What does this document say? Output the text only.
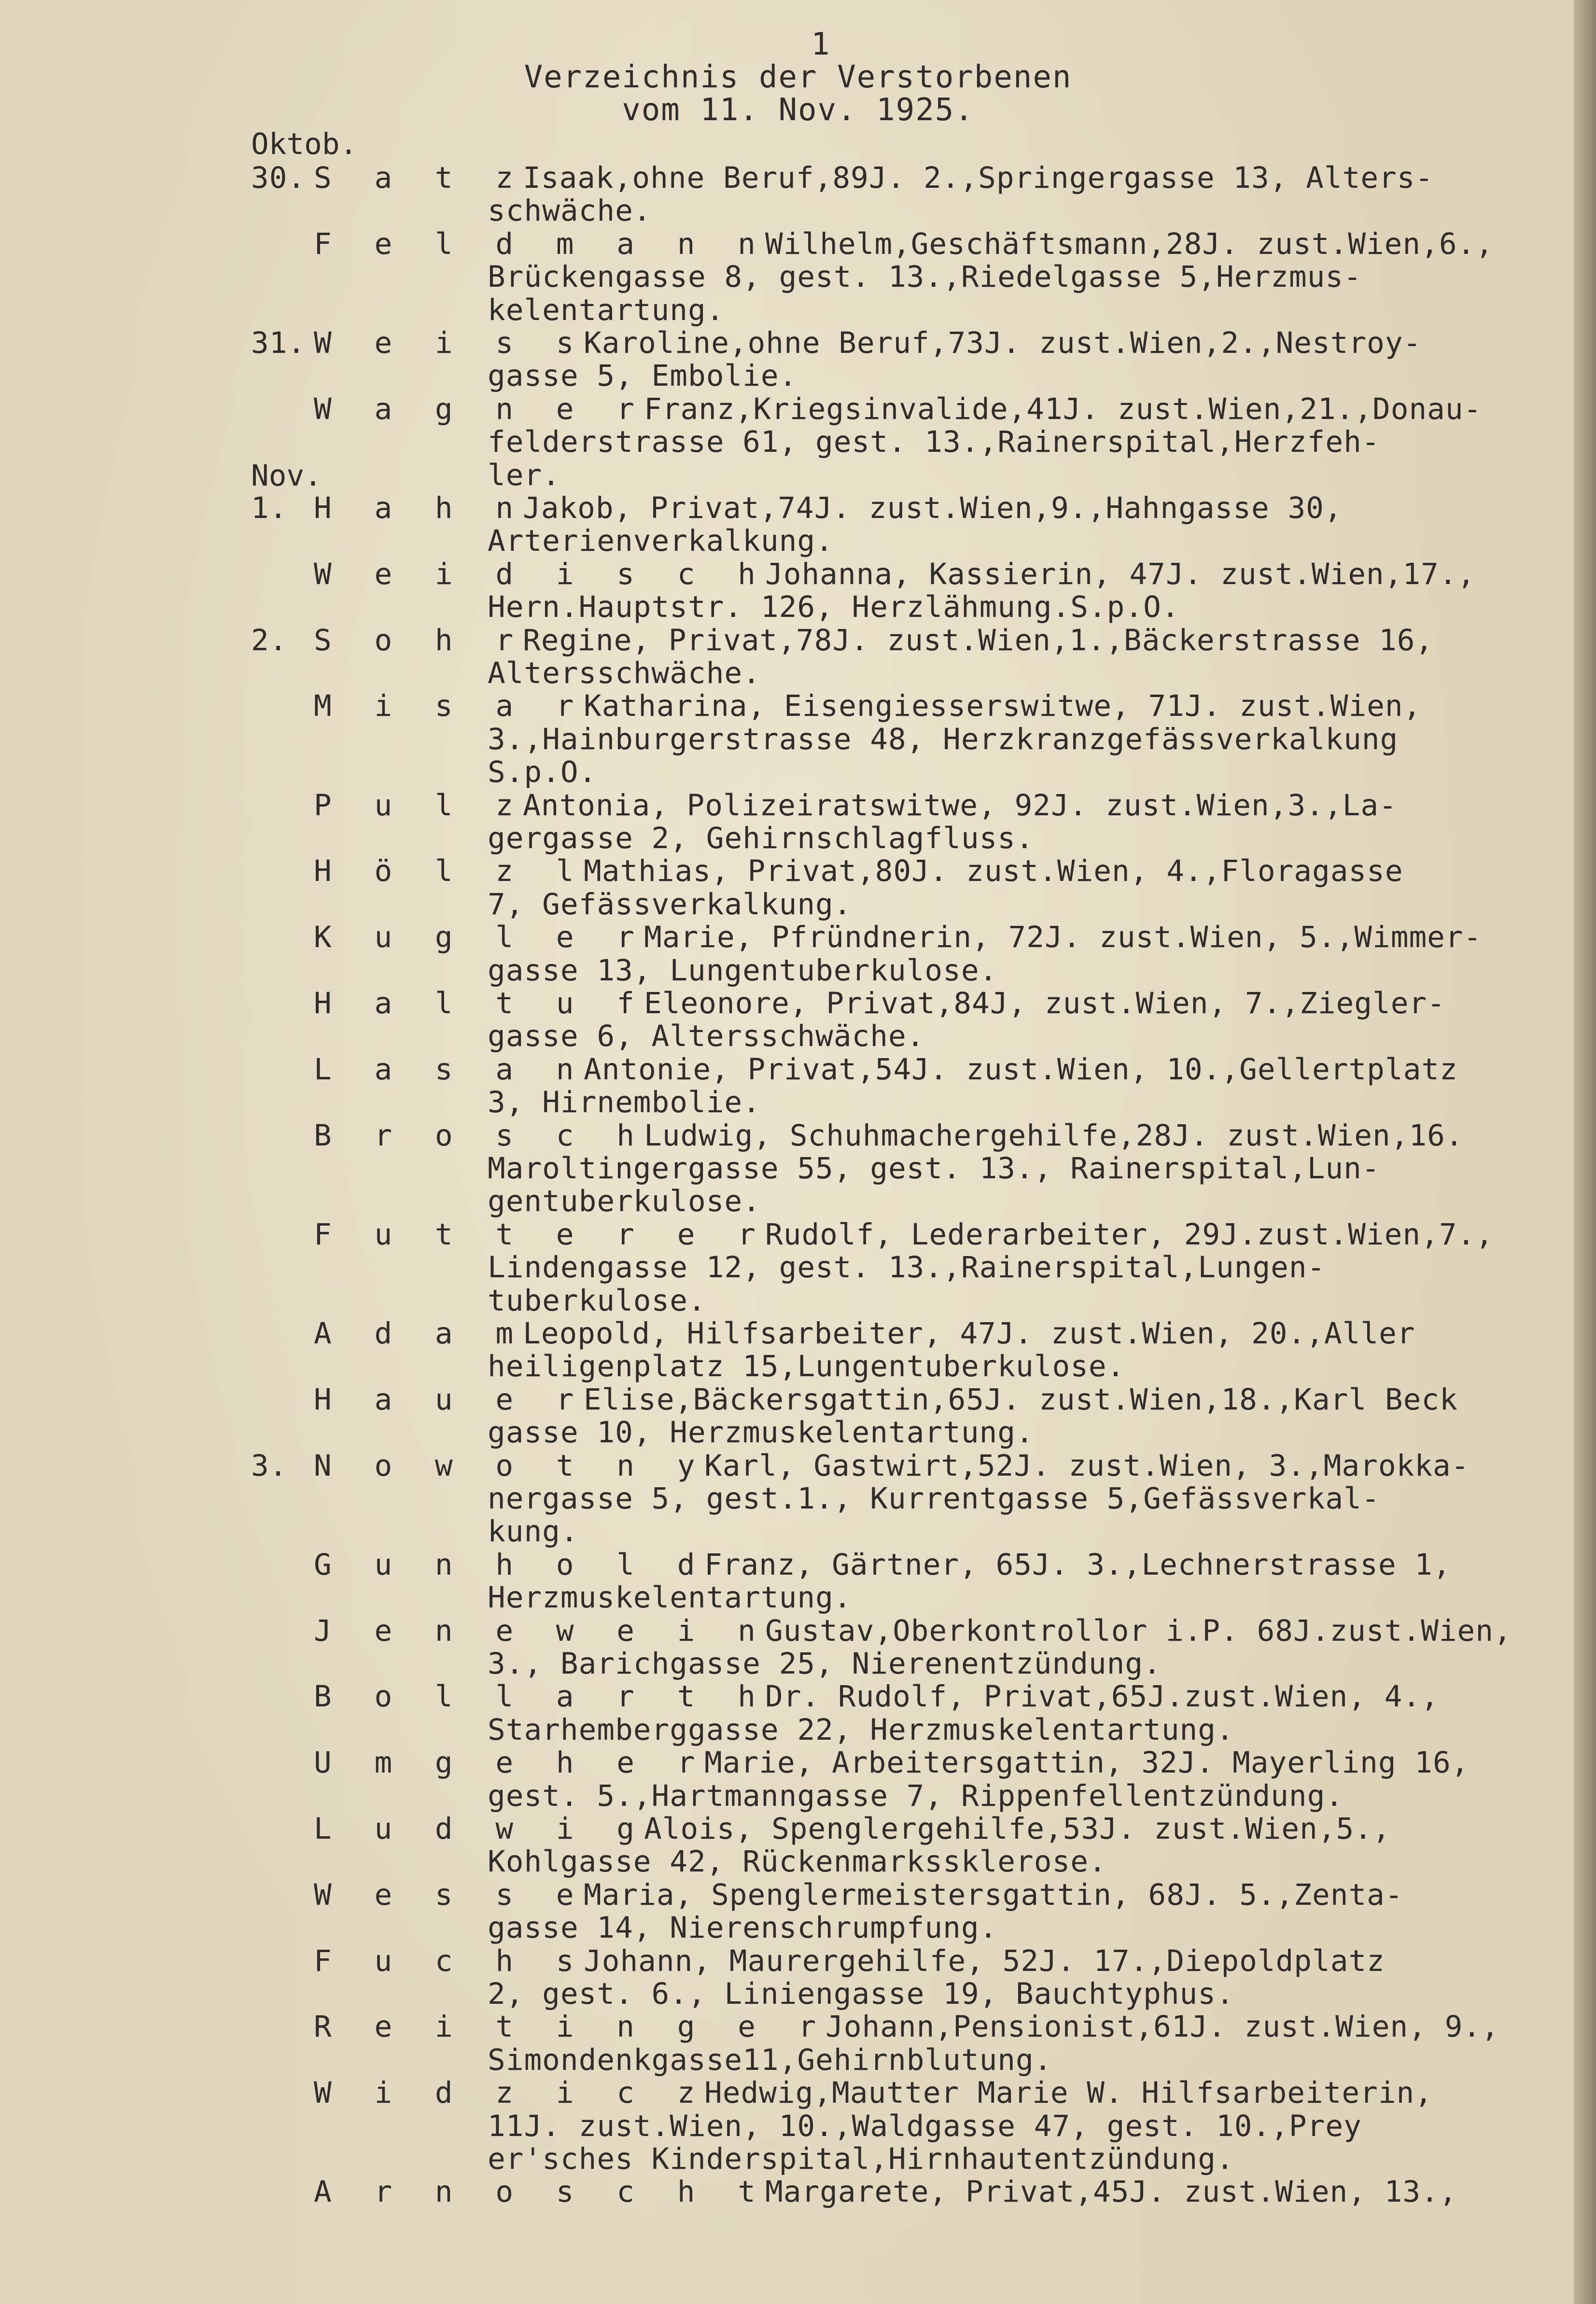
1
Verzeichnis der Verstorbenen
vom 11. Nov. 1925.
Oktob.
Nov.
30. S a t z
Isaak,ohne Beruf,89J. 2.,Springergasse 13, Alters-
schwäche.
F e l d m a n n
Wilhelm,Geschäftsmann,28J. zust.Wien,6.,
Brückengasse 8, gest. 13.,Riedelgasse 5,Herzmus-
kelentartung.
31. W e i s s
Karoline,ohne Beruf,73J. zust.Wien,2.,Nestroy-
gasse 5, Embolie.
W a g n e r
Franz,Kriegsinvalide,41J. zust.Wien,21.,Donau-
felderstrasse 61, gest. 13.,Rainerspital,Herzfeh-
ler.
1. H a h n
Jakob, Privat,74J. zust.Wien,9.,Hahngasse 30,
Arterienverkalkung.
W e i d i s c h
Johanna, Kassierin, 47J. zust.Wien,17.,
Hern.Hauptstr. 126, Herzlähmung.S.p.O.
2. S o h r
Regine, Privat,78J. zust.Wien,1.,Bäckerstrasse 16,
Altersschwäche.
M i s a r
Katharina, Eisengiesserswitwe, 71J. zust.Wien,
3.,Hainburgerstrasse 48, Herzkranzgefässverkalkung
S.p.O.
P u l z
Antonia, Polizeiratswitwe, 92J. zust.Wien,3.,La-
gergasse 2, Gehirnschlagfluss.
H ö l z l
Mathias, Privat,80J. zust.Wien, 4.,Floragasse
7, Gefässverkalkung.
K u g l e r
Marie, Pfründnerin, 72J. zust.Wien, 5.,Wimmer-
gasse 13, Lungentuberkulose.
H a l t u f
Eleonore, Privat,84J, zust.Wien, 7.,Ziegler-
gasse 6, Altersschwäche.
L a s a n
Antonie, Privat,54J. zust.Wien, 10.,Gellertplatz
3, Hirnembolie.
B r o s c h
Ludwig, Schuhmachergehilfe,28J. zust.Wien,16.
Maroltingergasse 55, gest. 13., Rainerspital,Lun-
gentuberkulose.
F u t t e r e r
Rudolf, Lederarbeiter, 29J.zust.Wien,7.,
Lindengasse 12, gest. 13.,Rainerspital,Lungen-
tuberkulose.
A d a m
Leopold, Hilfsarbeiter, 47J. zust.Wien, 20.,Aller
heiligenplatz 15,Lungentuberkulose.
H a u e r
Elise,Bäckersgattin,65J. zust.Wien,18.,Karl Beck
gasse 10, Herzmuskelentartung.
3. N o w o t n y
Karl, Gastwirt,52J. zust.Wien, 3.,Marokka-
nergasse 5, gest.1., Kurrentgasse 5,Gefässverkal-
kung.
G u n h o l d
Franz, Gärtner, 65J. 3.,Lechnerstrasse 1,
Herzmuskelentartung.
J e n e w e i n
Gustav,Oberkontrollor i.P. 68J.zust.Wien,
3., Barichgasse 25, Nierenentzündung.
B o l l a r t h
Dr. Rudolf, Privat,65J.zust.Wien, 4.,
Starhemberggasse 22, Herzmuskelentartung.
U m g e h e r
Marie, Arbeitersgattin, 32J. Mayerling 16,
gest. 5.,Hartmanngasse 7, Rippenfellentzündung.
L u d w i g
Alois, Spenglergehilfe,53J. zust.Wien,5.,
Kohlgasse 42, Rückenmarkssklerose.
W e s s e
Maria, Spenglermeistersgattin, 68J. 5.,Zenta-
gasse 14, Nierenschrumpfung.
F u c h s
Johann, Maurergehilfe, 52J. 17.,Diepoldplatz
2, gest. 6., Liniengasse 19, Bauchtyphus.
R e i t i n g e r
Johann,Pensionist,61J. zust.Wien, 9.,
Simondenkgasse11,Gehirnblutung.
W i d z i c z
Hedwig,Mautter Marie W. Hilfsarbeiterin,
11J. zust.Wien, 10.,Waldgasse 47, gest. 10.,Prey
er'sches Kinderspital,Hirnhautentzündung.
A r n o s c h t
Margarete, Privat,45J. zust.Wien, 13.,
